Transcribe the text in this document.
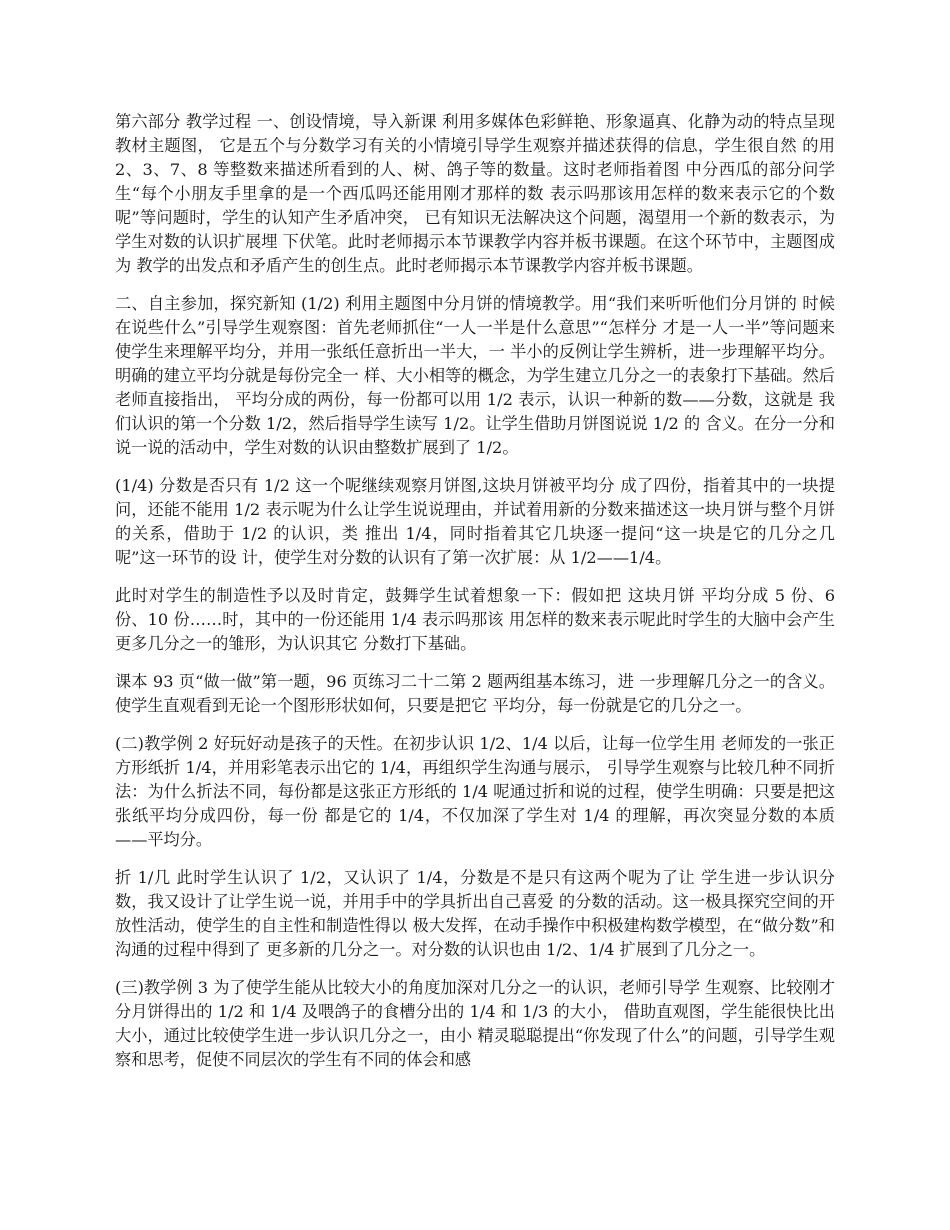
第六部分 教学过程 一、创设情境，导入新课 利用多媒体色彩鲜艳、形象逼真、化静为动的特点呈现教材主题图， 它是五个与分数学习有关的小情境引导学生观察并描述获得的信息，学生很自然 的用 2、3、7、8 等整数来描述所看到的人、树、鸽子等的数量。这时老师指着图 中分西瓜的部分问学生“每个小朋友手里拿的是一个西瓜吗还能用刚才那样的数 表示吗那该用怎样的数来表示它的个数呢”等问题时，学生的认知产生矛盾冲突， 已有知识无法解决这个问题，渴望用一个新的数表示，为学生对数的认识扩展埋 下伏笔。此时老师揭示本节课教学内容并板书课题。在这个环节中，主题图成为 教学的出发点和矛盾产生的创生点。此时老师揭示本节课教学内容并板书课题。

二、自主参加，探究新知 (1/2) 利用主题图中分月饼的情境教学。用“我们来听听他们分月饼的 时候在说些什么”引导学生观察图：首先老师抓住“一人一半是什么意思”“怎样分 才是一人一半”等问题来使学生来理解平均分，并用一张纸任意折出一半大，一 半小的反例让学生辨析，进一步理解平均分。明确的建立平均分就是每份完全一 样、大小相等的概念，为学生建立几分之一的表象打下基础。然后老师直接指出， 平均分成的两份，每一份都可以用 1/2 表示，认识一种新的数——分数，这就是 我们认识的第一个分数 1/2，然后指导学生读写 1/2。让学生借助月饼图说说 1/2 的 含义。在分一分和说一说的活动中，学生对数的认识由整数扩展到了 1/2。

(1/4) 分数是否只有 1/2 这一个呢继续观察月饼图,这块月饼被平均分 成了四份，指着其中的一块提问，还能不能用 1/2 表示呢为什么让学生说说理由，并试着用新的分数来描述这一块月饼与整个月饼的关系，借助于 1/2 的认识，类 推出 1/4，同时指着其它几块逐一提问“这一块是它的几分之几呢”这一环节的设 计，使学生对分数的认识有了第一次扩展：从 1/2——1/4。

此时对学生的制造性予以及时肯定，鼓舞学生试着想象一下：假如把 这块月饼 平均分成 5 份、6 份、10 份……时，其中的一份还能用 1/4 表示吗那该 用怎样的数来表示呢此时学生的大脑中会产生更多几分之一的雏形，为认识其它 分数打下基础。

课本 93 页“做一做”第一题，96 页练习二十二第 2 题两组基本练习，进 一步理解几分之一的含义。使学生直观看到无论一个图形形状如何，只要是把它 平均分，每一份就是它的几分之一。

(二)教学例 2 好玩好动是孩子的天性。在初步认识 1/2、1/4 以后，让每一位学生用 老师发的一张正方形纸折 1/4，并用彩笔表示出它的 1/4，再组织学生沟通与展示， 引导学生观察与比较几种不同折法：为什么折法不同，每份都是这张正方形纸的 1/4 呢通过折和说的过程，使学生明确：只要是把这张纸平均分成四份，每一份 都是它的 1/4，不仅加深了学生对 1/4 的理解，再次突显分数的本质——平均分。

折 1/几 此时学生认识了 1/2，又认识了 1/4，分数是不是只有这两个呢为了让 学生进一步认识分数，我又设计了让学生说一说，并用手中的学具折出自己喜爱 的分数的活动。这一极具探究空间的开放性活动，使学生的自主性和制造性得以 极大发挥，在动手操作中积极建构数学模型，在“做分数”和沟通的过程中得到了 更多新的几分之一。对分数的认识也由 1/2、1/4 扩展到了几分之一。

(三)教学例 3 为了使学生能从比较大小的角度加深对几分之一的认识，老师引导学 生观察、比较刚才分月饼得出的 1/2 和 1/4 及喂鸽子的食槽分出的 1/4 和 1/3 的大小， 借助直观图，学生能很快比出大小，通过比较使学生进一步认识几分之一，由小 精灵聪聪提出“你发现了什么”的问题，引导学生观察和思考，促使不同层次的学生有不同的体会和感
